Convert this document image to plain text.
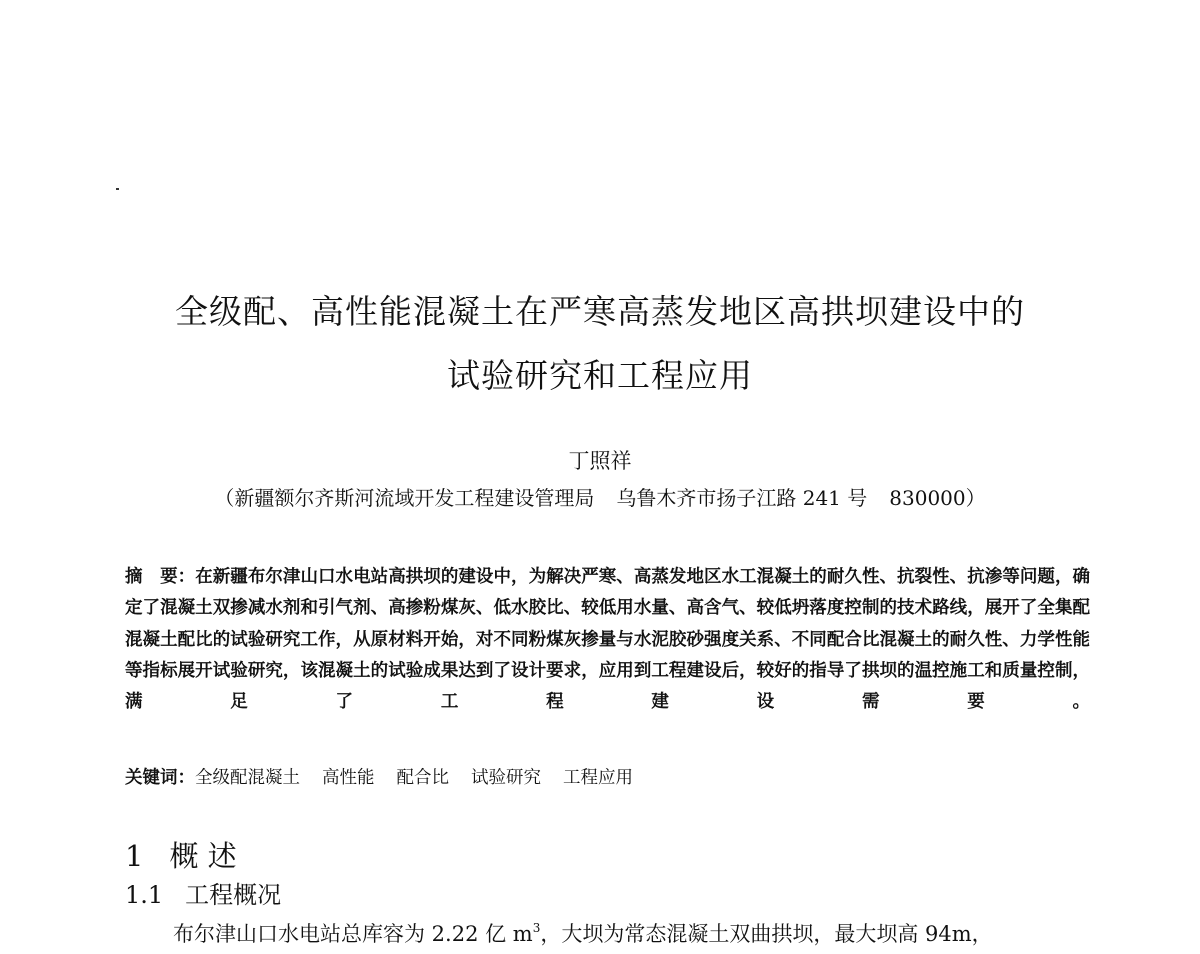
全级配、高性能混凝土在严寒高蒸发地区高拱坝建设中的
试验研究和工程应用
丁照祥
（新疆额尔齐斯河流域开发工程建设管理局 乌鲁木齐市扬子江路 241 号 830000）

摘　要：在新疆布尔津山口水电站高拱坝的建设中，为解决严寒、高蒸发地区水工混凝土的耐久性、抗裂性、抗渗等问题，确定了混凝土双掺减水剂和引气剂、高掺粉煤灰、低水胶比、较低用水量、高含气、较低坍落度控制的技术路线，展开了全集配混凝土配比的试验研究工作，从原材料开始，对不同粉煤灰掺量与水泥胶砂强度关系、不同配合比混凝土的耐久性、力学性能等指标展开试验研究，该混凝土的试验成果达到了设计要求，应用到工程建设后，较好的指导了拱坝的温控施工和质量控制，满足了工程建设需要。

关键词：全级配混凝土 高性能 配合比 试验研究 工程应用
1 概 述
1.1 工程概况
布尔津山口水电站总库容为 2.22 亿 $m^3$，大坝为常态混凝土双曲拱坝，最大坝高 94m，
